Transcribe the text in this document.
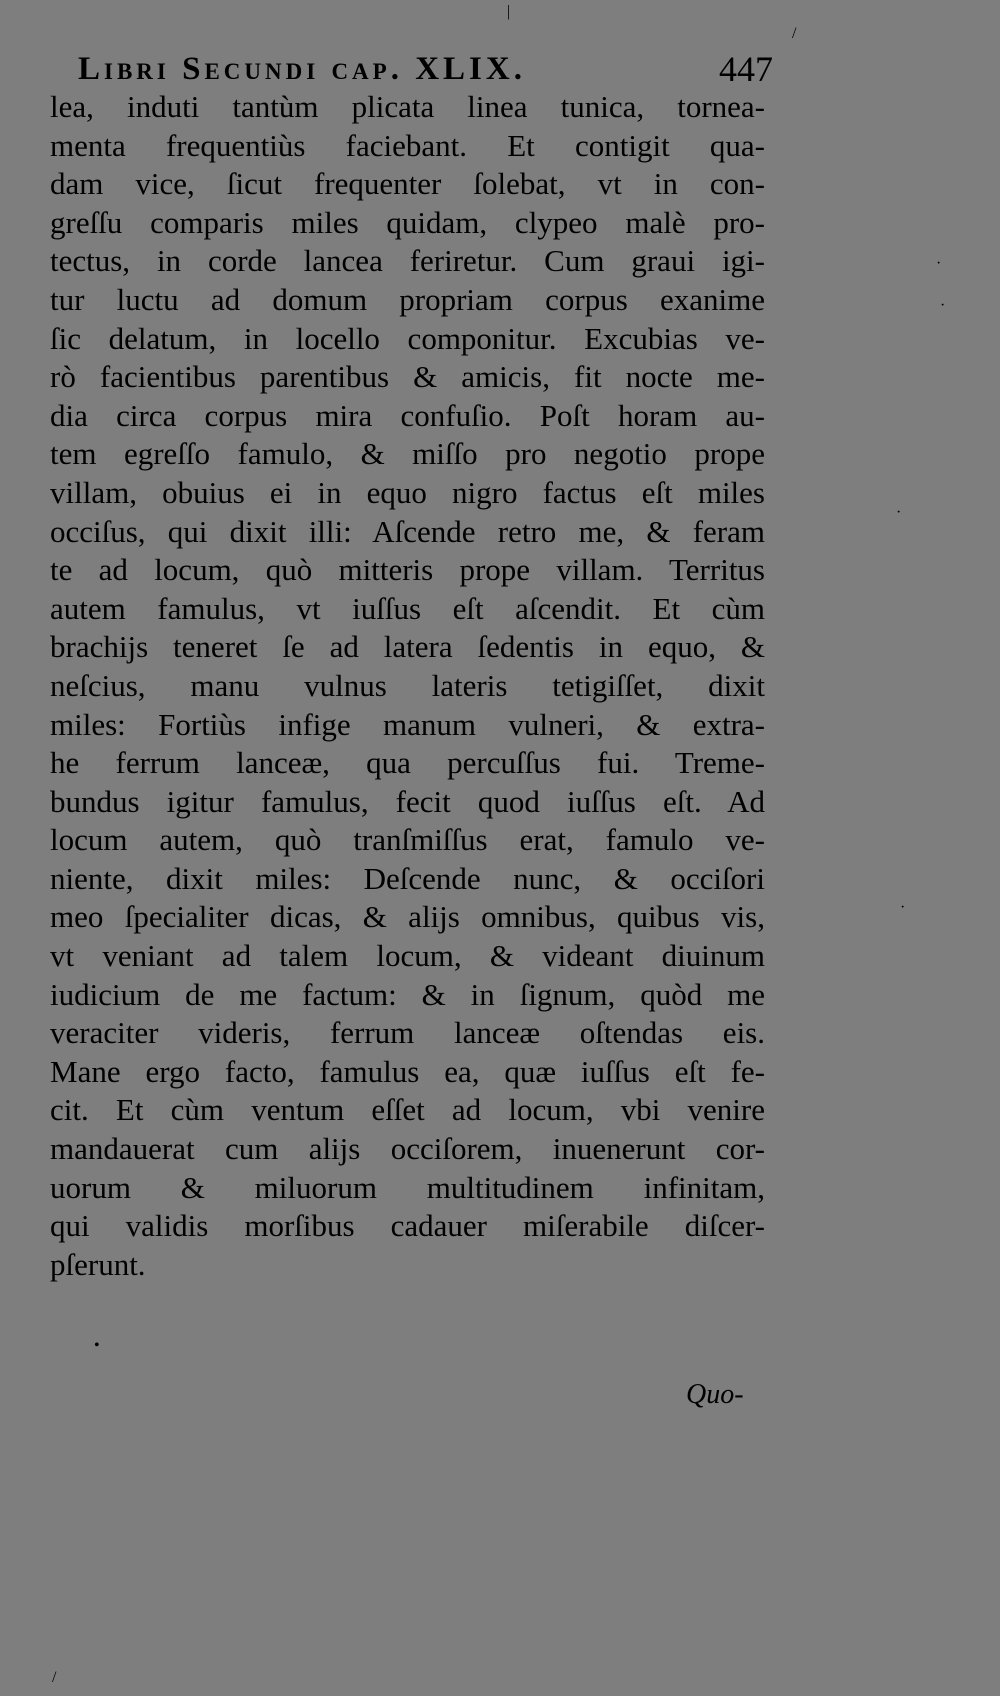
Libri Secundi cap. XLIX.	447
lea, induti tantùm plicata linea tunica, tornea-
menta frequentiùs faciebant. Et contigit qua-
dam vice, ſicut frequenter ſolebat, vt in con-
greſſu comparis miles quidam, clypeo malè pro-
tectus, in corde lancea feriretur. Cum graui igi-
tur luctu ad domum propriam corpus exanime
ſic delatum, in locello componitur. Excubias ve-
rò facientibus parentibus & amicis, fit nocte me-
dia circa corpus mira confuſio. Poſt horam au-
tem egreſſo famulo, & miſſo pro negotio prope
villam, obuius ei in equo nigro factus eſt miles
occiſus, qui dixit illi: Aſcende retro me, & feram
te ad locum, quò mitteris prope villam. Territus
autem famulus, vt iuſſus eſt aſcendit. Et cùm
brachijs teneret ſe ad latera ſedentis in equo, &
neſcius, manu vulnus lateris tetigiſſet, dixit
miles: Fortiùs infige manum vulneri, & extra-
he ferrum lanceæ, qua percuſſus fui. Treme-
bundus igitur famulus, fecit quod iuſſus eſt. Ad
locum autem, quò tranſmiſſus erat, famulo ve-
niente, dixit miles: Deſcende nunc, & occiſori
meo ſpecialiter dicas, & alijs omnibus, quibus vis,
vt veniant ad talem locum, & videant diuinum
iudicium de me factum: & in ſignum, quòd me
veraciter videris, ferrum lanceæ oſtendas eis.
Mane ergo facto, famulus ea, quæ iuſſus eſt fe-
cit. Et cùm ventum eſſet ad locum, vbi venire
mandauerat cum alijs occiſorem, inuenerunt cor-
uorum & miluorum multitudinem infinitam,
qui validis morſibus cadauer miſerabile diſcer-
pſerunt.
Quo-
|
/
·
·
·
·
•
/
